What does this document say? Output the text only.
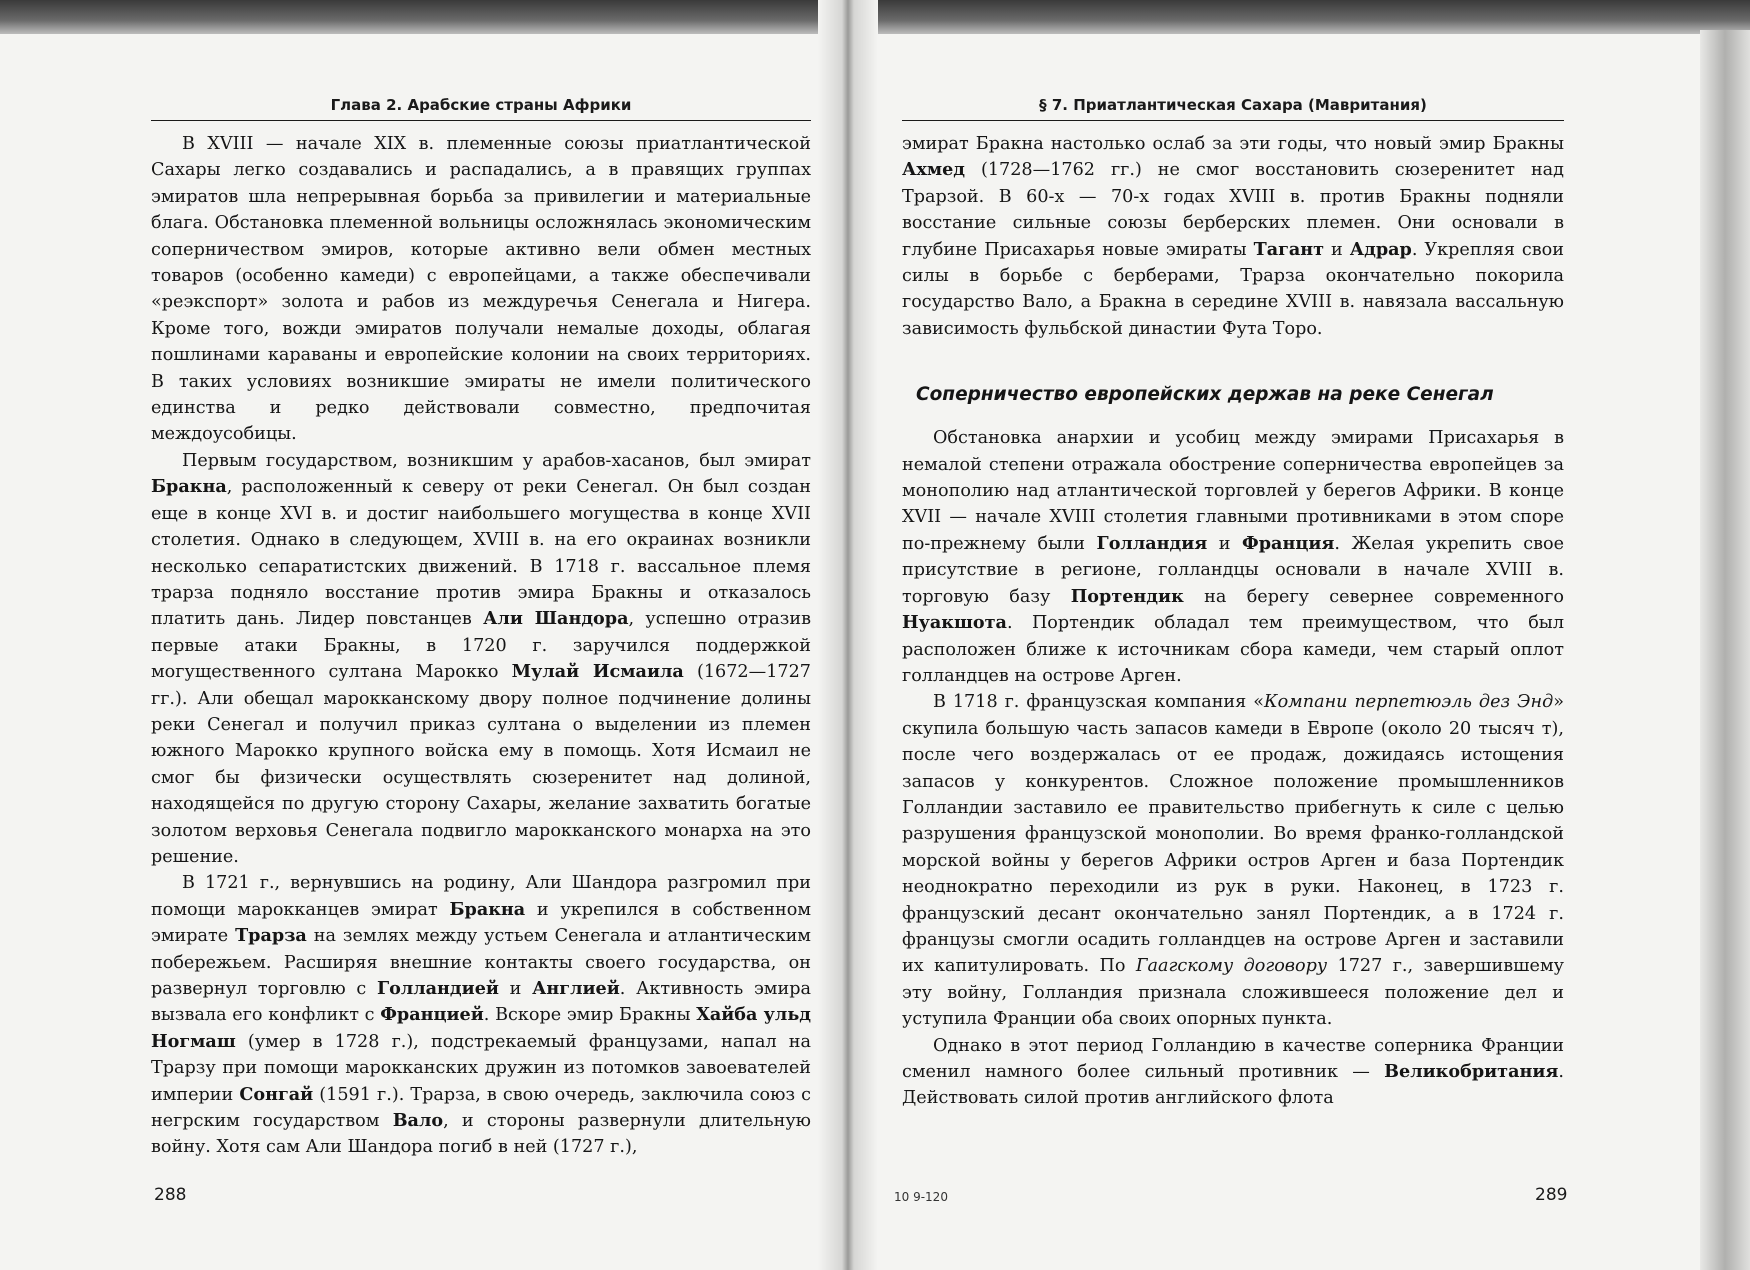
Глава 2. Арабские страны Африки

В XVIII — начале XIX в. племенные союзы приатлантической Сахары легко создавались и распадались, а в правящих группах эмиратов шла непрерывная борьба за привилегии и материальные блага. Обстановка племенной вольницы осложнялась экономическим соперничеством эмиров, которые активно вели обмен местных товаров (особенно камеди) с европейцами, а также обеспечивали «реэкспорт» золота и рабов из междуречья Сенегала и Нигера. Кроме того, вожди эмиратов получали немалые доходы, облагая пошлинами караваны и европейские колонии на своих территориях. В таких условиях возникшие эмираты не имели политического единства и редко действовали совместно, предпочитая междоусобицы.

Первым государством, возникшим у арабов-хасанов, был эмират Бракна, расположенный к северу от реки Сенегал. Он был создан еще в конце XVI в. и достиг наибольшего могущества в конце XVII столетия. Однако в следующем, XVIII в. на его окраинах возникли несколько сепаратистских движений. В 1718 г. вассальное племя трарза подняло восстание против эмира Бракны и отказалось платить дань. Лидер повстанцев Али Шандора, успешно отразив первые атаки Бракны, в 1720 г. заручился поддержкой могущественного султана Марокко Мулай Исмаила (1672—1727 гг.). Али обещал марокканскому двору полное подчинение долины реки Сенегал и получил приказ султана о выделении из племен южного Марокко крупного войска ему в помощь. Хотя Исмаил не смог бы физически осуществлять сюзеренитет над долиной, находящейся по другую сторону Сахары, желание захватить богатые золотом верховья Сенегала подвигло марокканского монарха на это решение.

В 1721 г., вернувшись на родину, Али Шандора разгромил при помощи марокканцев эмират Бракна и укрепился в собственном эмирате Трарза на землях между устьем Сенегала и атлантическим побережьем. Расширяя внешние контакты своего государства, он развернул торговлю с Голландией и Англией. Активность эмира вызвала его конфликт с Францией. Вскоре эмир Бракны Хайба ульд Ногмаш (умер в 1728 г.), подстрекаемый французами, напал на Трарзу при помощи марокканских дружин из потомков завоевателей империи Сонгай (1591 г.). Трарза, в свою очередь, заключила союз с негрским государством Вало, и стороны развернули длительную войну. Хотя сам Али Шандора погиб в ней (1727 г.),

§ 7. Приатлантическая Сахара (Мавритания)

эмират Бракна настолько ослаб за эти годы, что новый эмир Бракны Ахмед (1728—1762 гг.) не смог восстановить сюзеренитет над Трарзой. В 60-х — 70-х годах XVIII в. против Бракны подняли восстание сильные союзы берберских племен. Они основали в глубине Присахарья новые эмираты Тагант и Адрар. Укрепляя свои силы в борьбе с берберами, Трарза окончательно покорила государство Вало, а Бракна в середине XVIII в. навязала вассальную зависимость фульбской династии Фута Торо.

Соперничество европейских держав на реке Сенегал

Обстановка анархии и усобиц между эмирами Присахарья в немалой степени отражала обострение соперничества европейцев за монополию над атлантической торговлей у берегов Африки. В конце XVII — начале XVIII столетия главными противниками в этом споре по-прежнему были Голландия и Франция. Желая укрепить свое присутствие в регионе, голландцы основали в начале XVIII в. торговую базу Портендик на берегу севернее современного Нуакшота. Портендик обладал тем преимуществом, что был расположен ближе к источникам сбора камеди, чем старый оплот голландцев на острове Арген.

В 1718 г. французская компания «Компани перпетюэль дез Энд» скупила большую часть запасов камеди в Европе (около 20 тысяч т), после чего воздержалась от ее продаж, дожидаясь истощения запасов у конкурентов. Сложное положение промышленников Голландии заставило ее правительство прибегнуть к силе с целью разрушения французской монополии. Во время франко-голландской морской войны у берегов Африки остров Арген и база Портендик неоднократно переходили из рук в руки. Наконец, в 1723 г. французский десант окончательно занял Портендик, а в 1724 г. французы смогли осадить голландцев на острове Арген и заставили их капитулировать. По Гаагскому договору 1727 г., завершившему эту войну, Голландия признала сложившееся положение дел и уступила Франции оба своих опорных пункта.

Однако в этот период Голландию в качестве соперника Франции сменил намного более сильный противник — Великобритания. Действовать силой против английского флота

288	10 9-120	289
